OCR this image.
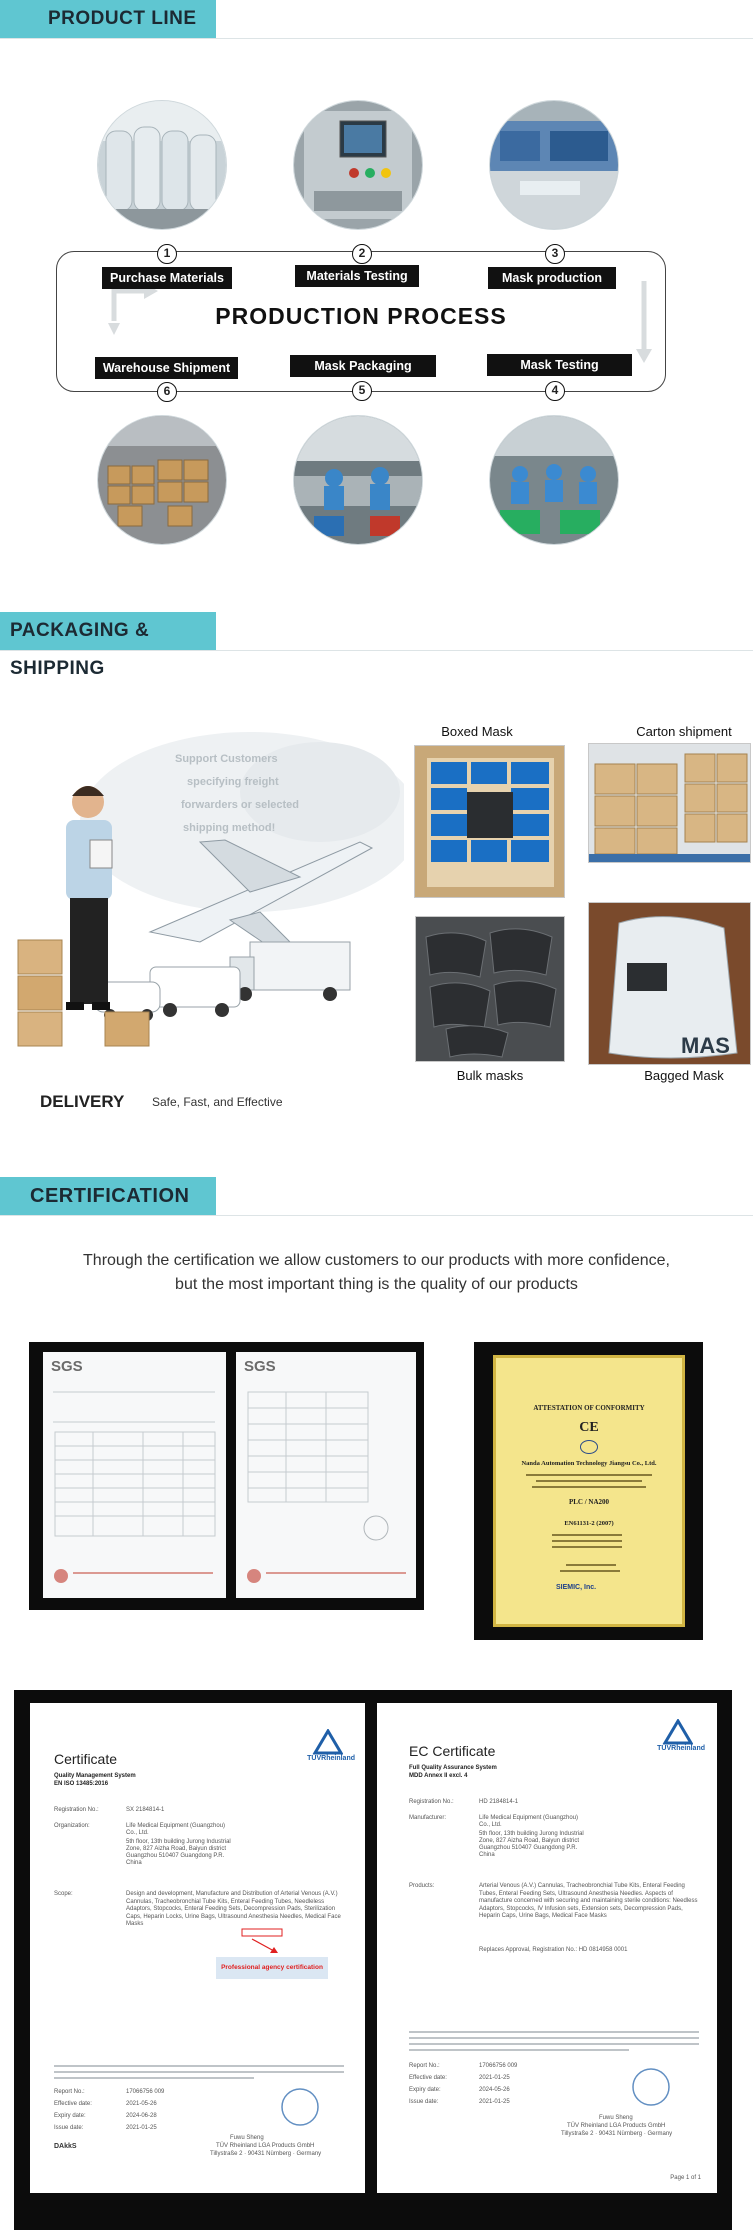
PRODUCT LINE
PRODUCTION PROCESS
1
Purchase Materials
2
Materials Testing
3
Mask production
Warehouse Shipment
6
Mask Packaging
5
Mask Testing
4
PACKAGING & SHIPPING
Support Customers
specifying freight
forwarders or selected
shipping method!
DELIVERY Safe, Fast, and Effective
Boxed Mask	Carton shipment
Bulk masks
MAS
Bagged Mask
CERTIFICATION
Through the certification we allow customers to our products with more confidence,
but the most important thing is the quality of our products
SGS	SGS
ATTESTATION OF CONFORMITY
CE
Nanda Automation Technology Jiangsu Co., Ltd.
PLC / NA200
EN61131-2 (2007)
SIEMIC, Inc.
TÜVRheinland
Certificate
Quality Management System
EN ISO 13485:2016
Registration No.:	SX 2184814-1
Organization:	Life Medical Equipment (Guangzhou) Co., Ltd.
5th floor, 13th building Jurong Industrial Zone, 827 Aizha Road, Baiyun district Guangzhou 510407 Guangdong P.R. China
Scope:	Design and development, Manufacture and Distribution of Arterial Venous (A.V.) Cannulas, Tracheobronchial Tube Kits, Enteral Feeding Tubes, Needleless Adaptors, Stopcocks, Enteral Feeding Sets, Decompression Pads, Sterilization Caps, Heparin Locks, Urine Bags, Ultrasound Anesthesia Needles, Medical Face Masks
Professional agency certification
Report No.:	17066756 009
Effective date:	2021-05-26
Expiry date:	2024-06-28
Issue date:	2021-01-25
DAkkS
Fuwu Sheng
TÜV Rheinland LGA Products GmbH
Tillystraße 2 · 90431 Nürnberg · Germany
TÜVRheinland
EC Certificate
Full Quality Assurance System
MDD Annex II excl. 4
Registration No.:	HD 2184814-1
Manufacturer:	Life Medical Equipment (Guangzhou) Co., Ltd.
5th floor, 13th building Jurong Industrial Zone, 827 Aizha Road, Baiyun district Guangzhou 510407 Guangdong P.R. China
Products:	Arterial Venous (A.V.) Cannulas, Tracheobronchial Tube Kits, Enteral Feeding Tubes, Enteral Feeding Sets, Ultrasound Anesthesia Needles. Aspects of manufacture concerned with securing and maintaining sterile conditions: Needless Adaptors, Stopcocks, IV Infusion sets, Extension sets, Decompression Pads, Heparin Caps, Urine Bags, Medical Face Masks
Replaces Approval, Registration No.: HD 0814958 0001
Report No.:	17066756 009
Effective date:	2021-01-25
Expiry date:	2024-05-26
Issue date:	2021-01-25
Fuwu Sheng
TÜV Rheinland LGA Products GmbH
Tillystraße 2 · 90431 Nürnberg · Germany
Page 1 of 1
